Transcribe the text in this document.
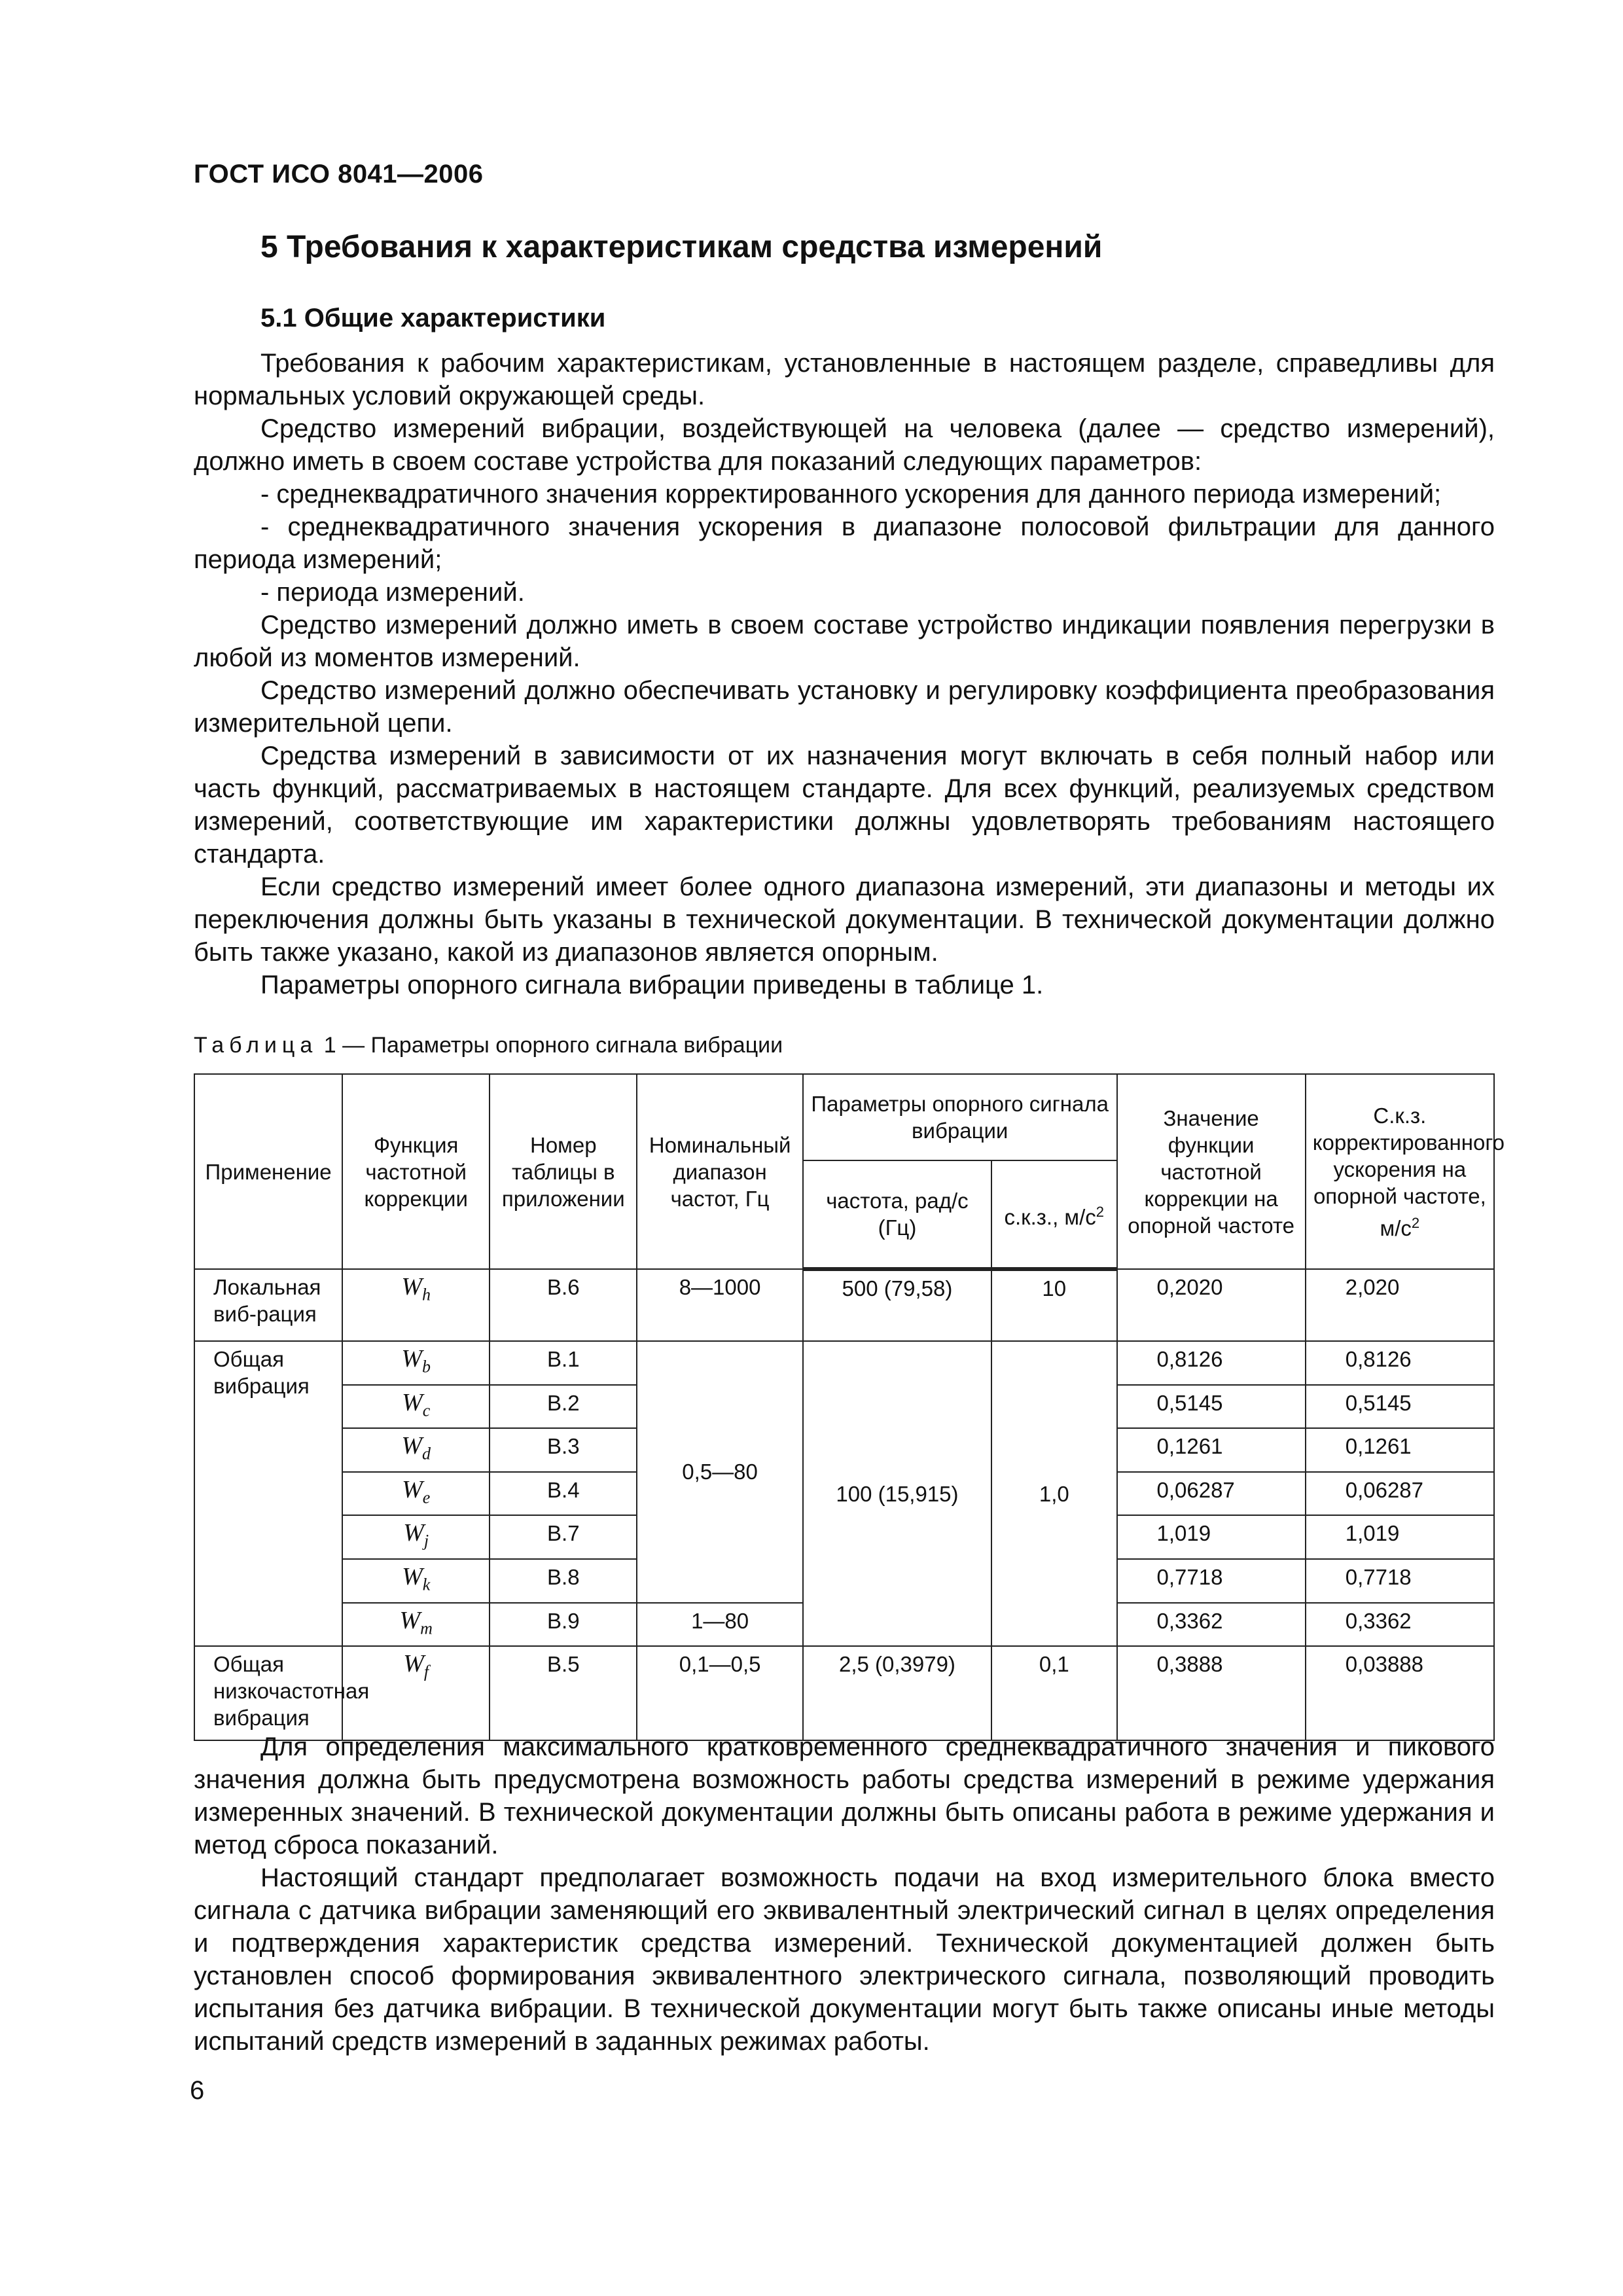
ГОСТ ИСО 8041—2006
5 Требования к характеристикам средства измерений
5.1 Общие характеристики

Требования к рабочим характеристикам, установленные в настоящем разделе, справедливы для нормальных условий окружающей среды.

Средство измерений вибрации, воздействующей на человека (далее — средство измерений), должно иметь в своем составе устройства для показаний следующих параметров:

- среднеквадратичного значения корректированного ускорения для данного периода измерений;

- среднеквадратичного значения ускорения в диапазоне полосовой фильтрации для данного периода измерений;

- периода измерений.

Средство измерений должно иметь в своем составе устройство индикации появления перегрузки в любой из моментов измерений.

Средство измерений должно обеспечивать установку и регулировку коэффициента преобразования измерительной цепи.

Средства измерений в зависимости от их назначения могут включать в себя полный набор или часть функций, рассматриваемых в настоящем стандарте. Для всех функций, реализуемых средством измерений, соответствующие им характеристики должны удовлетворять требованиям настоящего стандарта.

Если средство измерений имеет более одного диапазона измерений, эти диапазоны и методы их переключения должны быть указаны в технической документации. В технической документации должно быть также указано, какой из диапазонов является опорным.

Параметры опорного сигнала вибрации приведены в таблице 1.

Таблица 1 — Параметры опорного сигнала вибрации
Применение	Функция частотной коррекции	Номер таблицы в приложении	Номинальный диапазон частот, Гц	Параметры опорного сигнала вибрации		Значение функции частотной коррекции на опорной частоте	С.к.з. корректированного ускорения на опорной частоте, $м/с^2$
				частота, рад/с (Гц)	с.к.з., $м/с^2$
Локальная виб-рация	$W_h$	B.6	8—1000	500 (79,58)	10	0,2020	2,020
Общая вибрация	$W_b$	B.1	0,5—80	100 (15,915)	1,0	0,8126	0,8126
	$W_c$	B.2				0,5145	0,5145
	$W_d$	B.3				0,1261	0,1261
	$W_e$	B.4				0,06287	0,06287
	$W_j$	B.7				1,019	1,019
	$W_k$	B.8				0,7718	0,7718
	$W_m$	B.9	1—80			0,3362	0,3362
Общая низкочастотная вибрация	$W_f$	B.5	0,1—0,5	2,5 (0,3979)	0,1	0,3888	0,03888

Для определения максимального кратковременного среднеквадратичного значения и пикового значения должна быть предусмотрена возможность работы средства измерений в режиме удержания измеренных значений. В технической документации должны быть описаны работа в режиме удержания и метод сброса показаний.

Настоящий стандарт предполагает возможность подачи на вход измерительного блока вместо сигнала с датчика вибрации заменяющий его эквивалентный электрический сигнал в целях определения и подтверждения характеристик средства измерений. Технической документацией должен быть установлен способ формирования эквивалентного электрического сигнала, позволяющий проводить испытания без датчика вибрации. В технической документации могут быть также описаны иные методы испытаний средств измерений в заданных режимах работы.

6
